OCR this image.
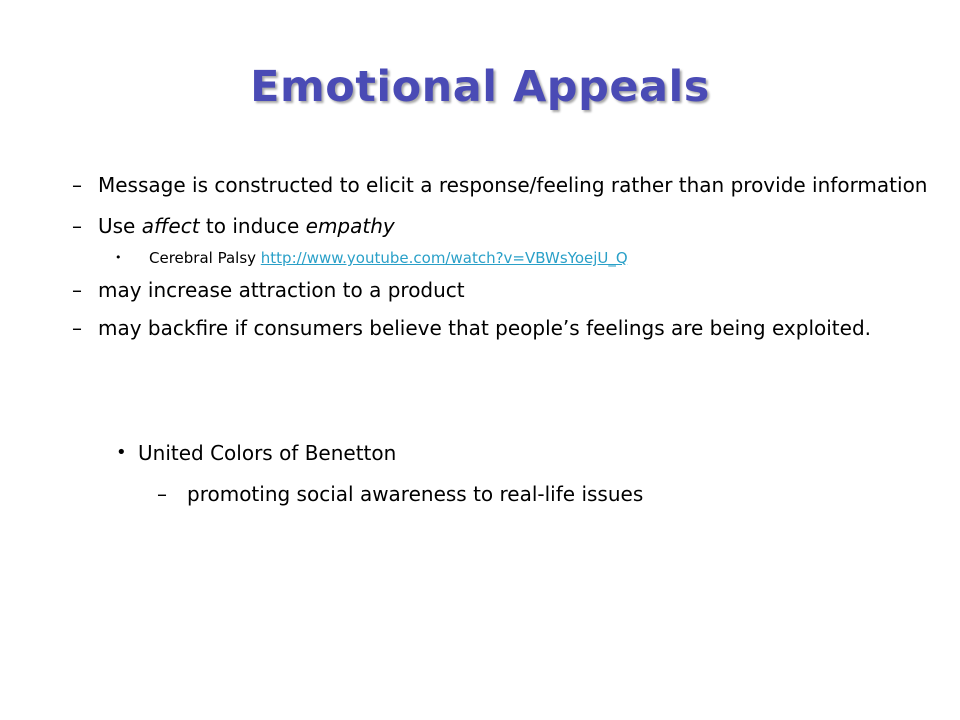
Emotional Appeals
– Message is constructed to elicit a response/feeling rather than provide information
– Use affect to induce empathy
• Cerebral Palsy http://www.youtube.com/watch?v=VBWsYoejU_Q
– may increase attraction to a product
– may backfire if consumers believe that people’s feelings are being exploited.
• United Colors of Benetton
– promoting social awareness to real-life issues
